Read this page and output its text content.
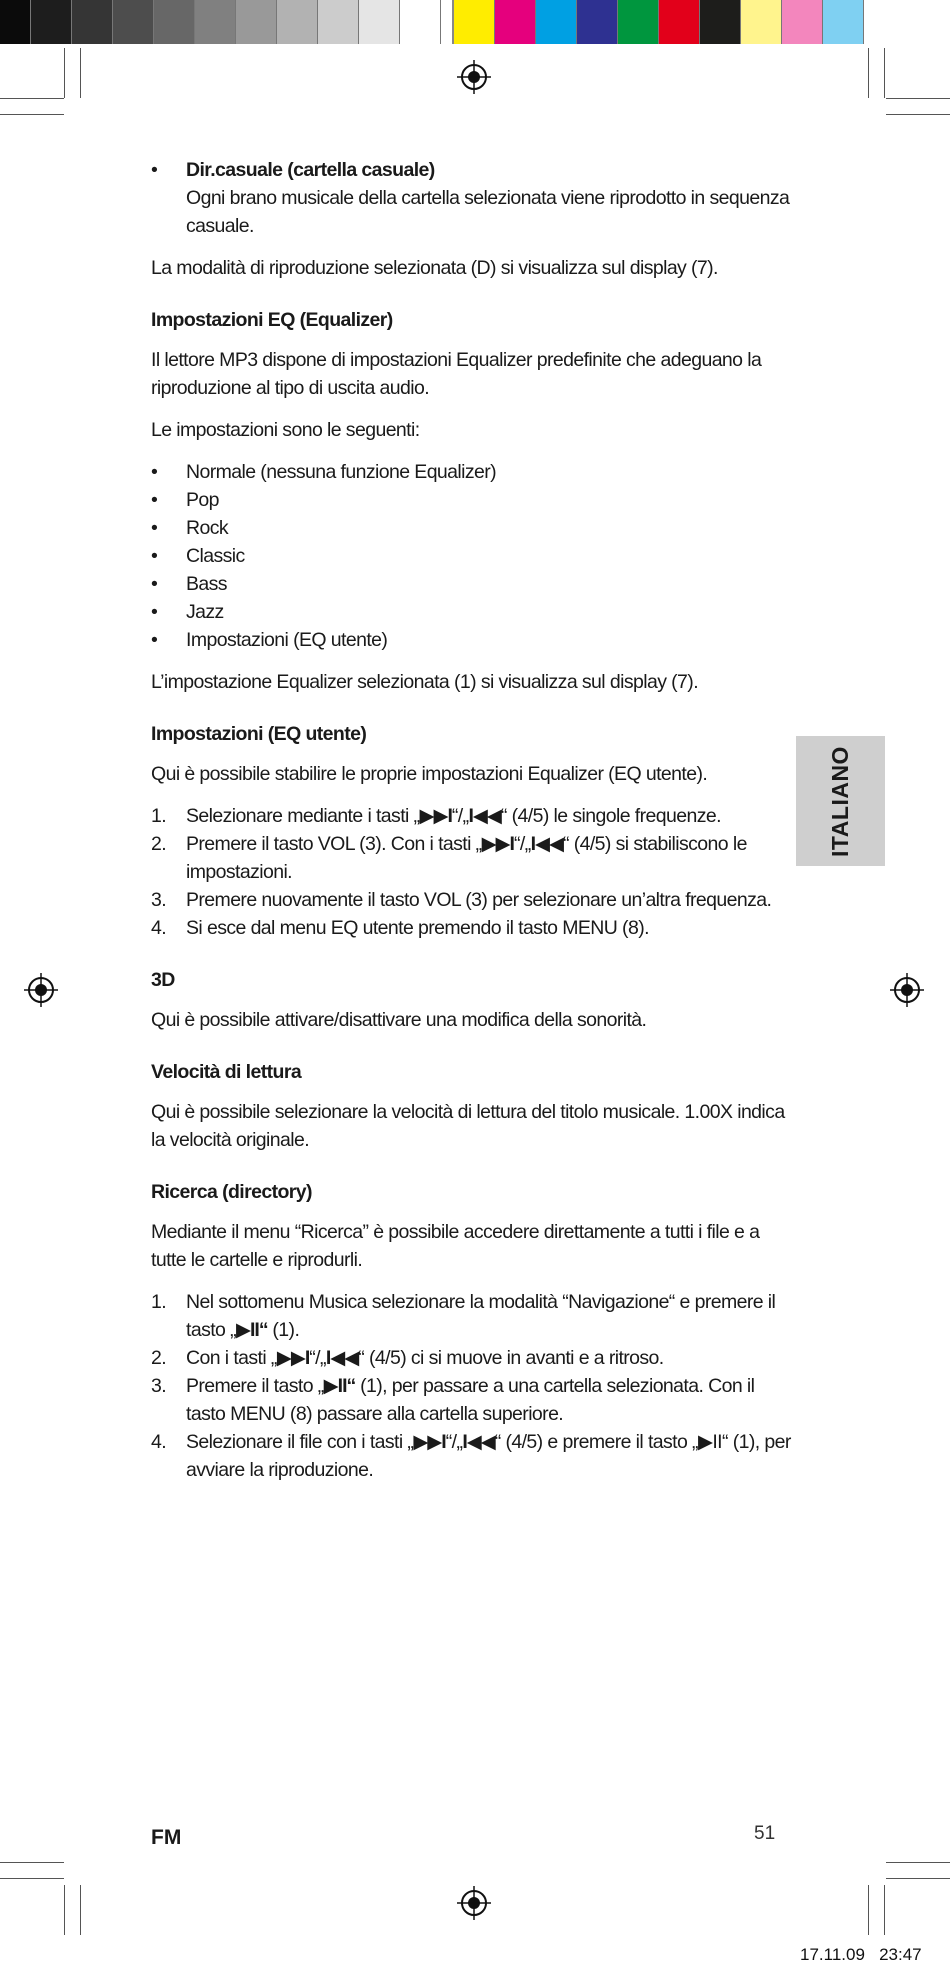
ITALIANO
• Dir.casuale (cartella casuale)
Ogni brano musicale della cartella selezionata viene riprodotto in sequenza casuale.

La modalità di riproduzione selezionata (D) si visualizza sul display (7).

Impostazioni EQ (Equalizer)

Il lettore MP3 dispone di impostazioni Equalizer predefinite che adeguano la riproduzione al tipo di uscita audio.

Le impostazioni sono le seguenti:

• Normale (nessuna funzione Equalizer)
• Pop
• Rock
• Classic
• Bass
• Jazz
• Impostazioni (EQ utente)

L’impostazione Equalizer selezionata (1) si visualizza sul display (7).

Impostazioni (EQ utente)

Qui è possibile stabilire le proprie impostazioni Equalizer (EQ utente).

1. Selezionare mediante i tasti „▶▶I“/„I◀◀“ (4/5) le singole frequenze.
2. Premere il tasto VOL (3). Con i tasti „▶▶I“/„I◀◀“ (4/5) si stabiliscono le impostazioni.
3. Premere nuovamente il tasto VOL (3) per selezionare un’altra frequenza.
4. Si esce dal menu EQ utente premendo il tasto MENU (8).
3D

Qui è possibile attivare/disattivare una modifica della sonorità.

Velocità di lettura

Qui è possibile selezionare la velocità di lettura del titolo musicale. 1.00X indica la velocità originale.

Ricerca (directory)

Mediante il menu “Ricerca” è possibile accedere direttamente a tutti i file e a tutte le cartelle e riprodurli.

1. Nel sottomenu Musica selezionare la modalità “Navigazione“ e premere il tasto „▶II“ (1).
2. Con i tasti „▶▶I“/„I◀◀“ (4/5) ci si muove in avanti e a ritroso.
3. Premere il tasto „▶II“ (1), per passare a una cartella selezionata. Con il tasto MENU (8) passare alla cartella superiore.
4. Selezionare il file con i tasti „▶▶I“/„I◀◀“ (4/5) e premere il tasto „▶II“ (1), per avviare la riproduzione.
FM	51
17.11.09   23:47
